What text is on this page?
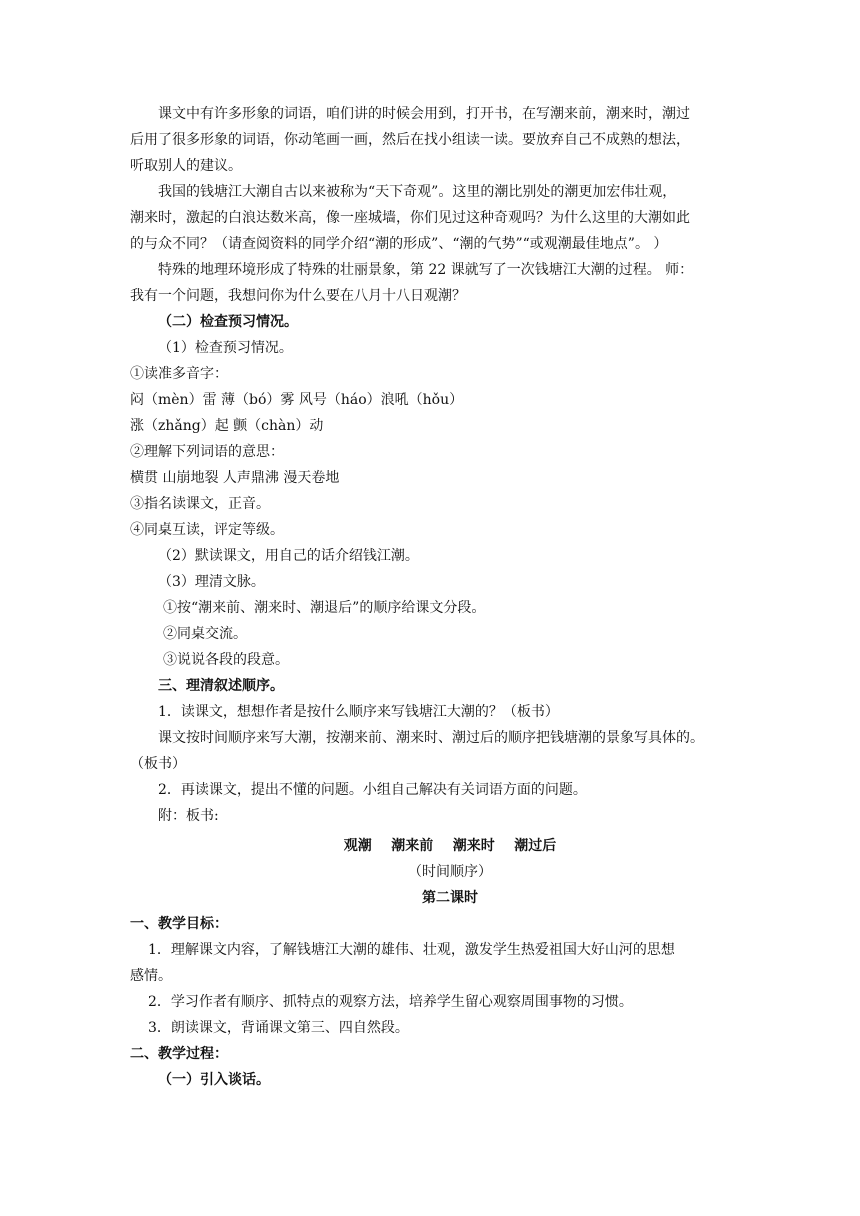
课文中有许多形象的词语，咱们讲的时候会用到，打开书，在写潮来前，潮来时，潮过
后用了很多形象的词语，你动笔画一画，然后在找小组读一读。要放弃自己不成熟的想法，
听取别人的建议。
我国的钱塘江大潮自古以来被称为“天下奇观”。这里的潮比别处的潮更加宏伟壮观，
潮来时，激起的白浪达数米高，像一座城墙，你们见过这种奇观吗？为什么这里的大潮如此
的与众不同？（请查阅资料的同学介绍“潮的形成”、“潮的气势”“或观潮最佳地点”。 ）
特殊的地理环境形成了特殊的壮丽景象，第 22 课就写了一次钱塘江大潮的过程。 师：
我有一个问题，我想问你为什么要在八月十八日观潮？
（二）检查预习情况。
（1）检查预习情况。
①读准多音字：
闷（mèn）雷 薄（bó）雾 风号（háo）浪吼（hǒu）
涨（zhǎng）起 颤（chàn）动
②理解下列词语的意思：
横贯 山崩地裂 人声鼎沸 漫天卷地
③指名读课文，正音。
④同桌互读，评定等级。
（2）默读课文，用自己的话介绍钱江潮。
（3）理清文脉。
①按“潮来前、潮来时、潮退后”的顺序给课文分段。
②同桌交流。
③说说各段的段意。
三、理清叙述顺序。
1．读课文，想想作者是按什么顺序来写钱塘江大潮的？（板书）
课文按时间顺序来写大潮，按潮来前、潮来时、潮过后的顺序把钱塘潮的景象写具体的。
（板书）
2．再读课文，提出不懂的问题。小组自己解决有关词语方面的问题。
附：板书:
观潮    潮来前    潮来时    潮过后
（时间顺序）
第二课时
一、教学目标：
1．理解课文内容，了解钱塘江大潮的雄伟、壮观，激发学生热爱祖国大好山河的思想
感情。
2．学习作者有顺序、抓特点的观察方法，培养学生留心观察周围事物的习惯。
3．朗读课文，背诵课文第三、四自然段。
二、教学过程：
（一）引入谈话。
